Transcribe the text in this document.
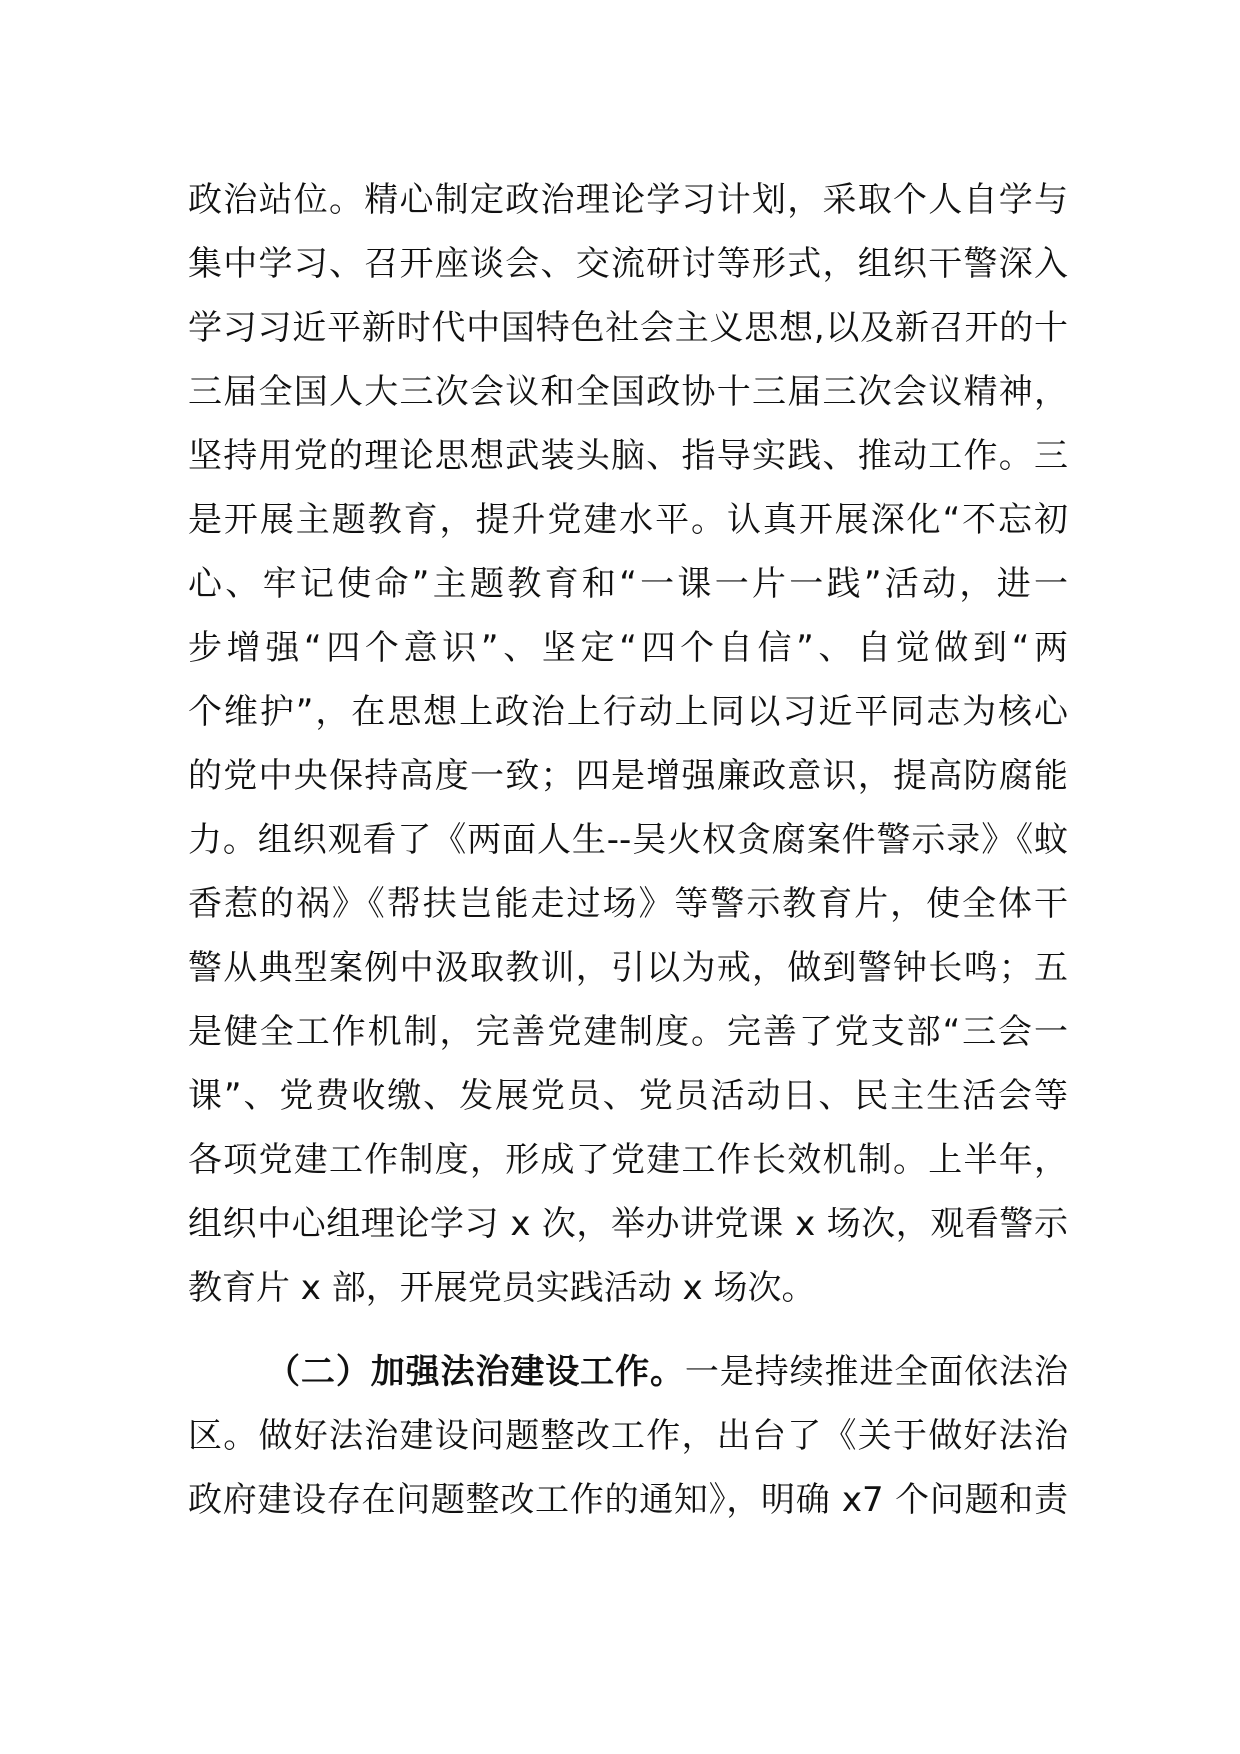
政治站位。精心制定政治理论学习计划，采取个人自学与
集中学习、召开座谈会、交流研讨等形式，组织干警深入
学习习近平新时代中国特色社会主义思想,以及新召开的十
三届全国人大三次会议和全国政协十三届三次会议精神，
坚持用党的理论思想武装头脑、指导实践、推动工作。三
是开展主题教育，提升党建水平。认真开展深化“不忘初
心、牢记使命”主题教育和“一课一片一践”活动，进一
步增强“四个意识”、坚定“四个自信”、自觉做到“两
个维护”，在思想上政治上行动上同以习近平同志为核心
的党中央保持高度一致；四是增强廉政意识，提高防腐能
力。组织观看了《两面人生--吴火权贪腐案件警示录》《蚊
香惹的祸》《帮扶岂能走过场》等警示教育片，使全体干
警从典型案例中汲取教训，引以为戒，做到警钟长鸣；五
是健全工作机制，完善党建制度。完善了党支部“三会一
课”、党费收缴、发展党员、党员活动日、民主生活会等
各项党建工作制度，形成了党建工作长效机制。上半年，
组织中心组理论学习 x 次，举办讲党课 x 场次，观看警示
教育片 x 部，开展党员实践活动 x 场次。
（二）加强法治建设工作。一是持续推进全面依法治
区。做好法治建设问题整改工作，出台了《关于做好法治
政府建设存在问题整改工作的通知》，明确 x7 个问题和责
